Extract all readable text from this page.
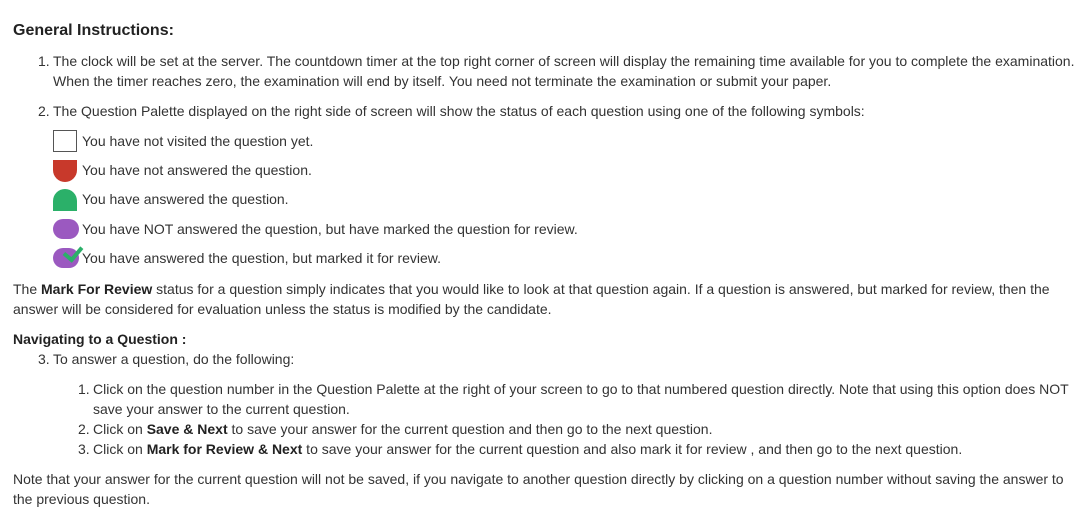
General Instructions:
1. The clock will be set at the server. The countdown timer at the top right corner of screen will display the remaining time available for you to complete the examination.
When the timer reaches zero, the examination will end by itself. You need not terminate the examination or submit your paper.
2. The Question Palette displayed on the right side of screen will show the status of each question using one of the following symbols:
You have not visited the question yet.
You have not answered the question.
You have answered the question.
You have NOT answered the question, but have marked the question for review.
You have answered the question, but marked it for review.
The Mark For Review status for a question simply indicates that you would like to look at that question again. If a question is answered, but marked for review, then the
answer will be considered for evaluation unless the status is modified by the candidate.
Navigating to a Question :
3. To answer a question, do the following:
1. Click on the question number in the Question Palette at the right of your screen to go to that numbered question directly. Note that using this option does NOT
save your answer to the current question.
2. Click on Save & Next to save your answer for the current question and then go to the next question.
3. Click on Mark for Review & Next to save your answer for the current question and also mark it for review , and then go to the next question.
Note that your answer for the current question will not be saved, if you navigate to another question directly by clicking on a question number without saving the answer to
the previous question.
